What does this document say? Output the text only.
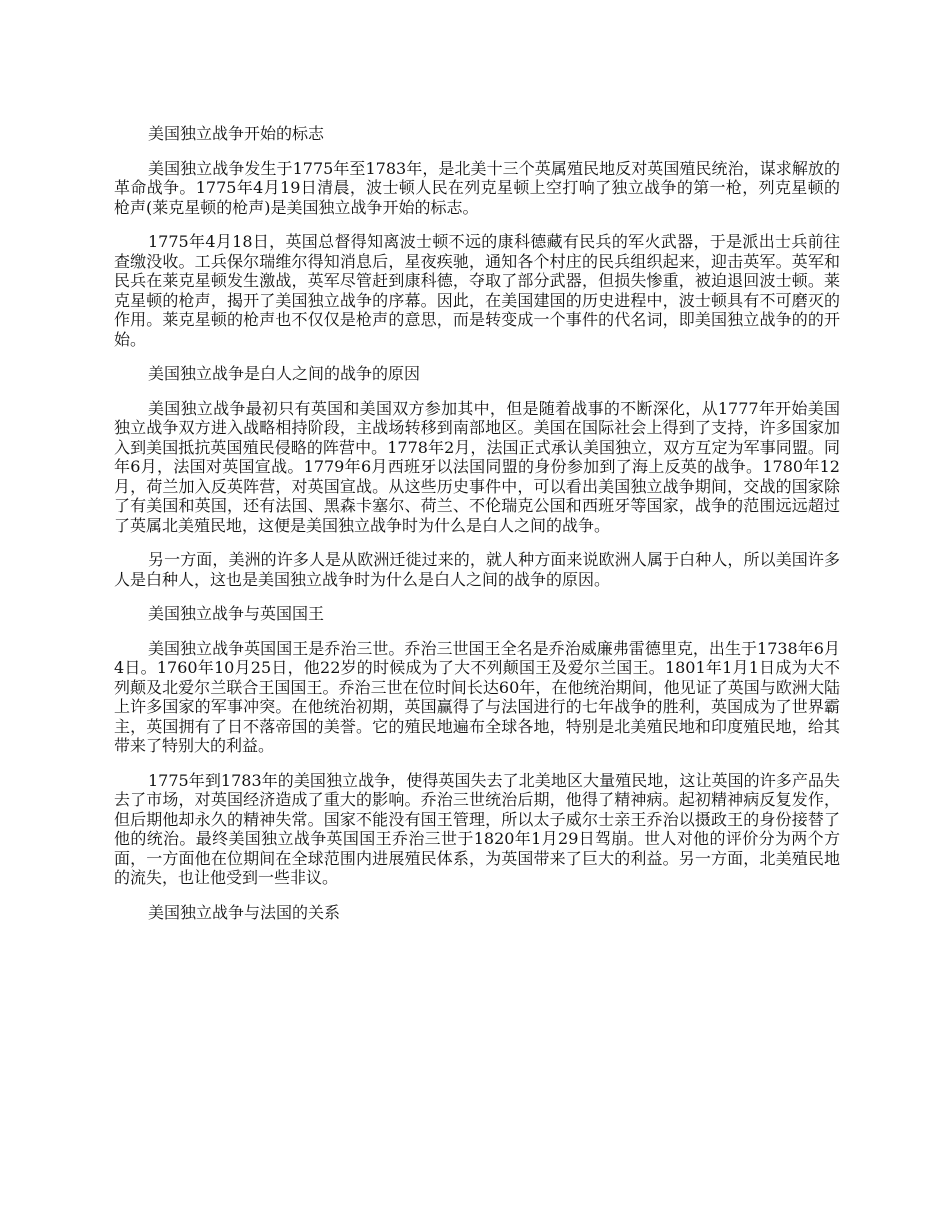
美国独立战争开始的标志

美国独立战争发生于1775年至1783年，是北美十三个英属殖民地反对英国殖民统治，谋求解放的革命战争。1775年4月19日清晨，波士顿人民在列克星顿上空打响了独立战争的第一枪，列克星顿的枪声(莱克星顿的枪声)是美国独立战争开始的标志。

1775年4月18日，英国总督得知离波士顿不远的康科德藏有民兵的军火武器，于是派出士兵前往查缴没收。工兵保尔瑞维尔得知消息后，星夜疾驰，通知各个村庄的民兵组织起来，迎击英军。英军和民兵在莱克星顿发生激战，英军尽管赶到康科德，夺取了部分武器，但损失惨重，被迫退回波士顿。莱克星顿的枪声，揭开了美国独立战争的序幕。因此，在美国建国的历史进程中，波士顿具有不可磨灭的作用。莱克星顿的枪声也不仅仅是枪声的意思，而是转变成一个事件的代名词，即美国独立战争的的开始。

美国独立战争是白人之间的战争的原因

美国独立战争最初只有英国和美国双方参加其中，但是随着战事的不断深化，从1777年开始美国独立战争双方进入战略相持阶段，主战场转移到南部地区。美国在国际社会上得到了支持，许多国家加入到美国抵抗英国殖民侵略的阵营中。1778年2月，法国正式承认美国独立，双方互定为军事同盟。同年6月，法国对英国宣战。1779年6月西班牙以法国同盟的身份参加到了海上反英的战争。1780年12月，荷兰加入反英阵营，对英国宣战。从这些历史事件中，可以看出美国独立战争期间，交战的国家除了有美国和英国，还有法国、黑森卡塞尔、荷兰、不伦瑞克公国和西班牙等国家，战争的范围远远超过了英属北美殖民地，这便是美国独立战争时为什么是白人之间的战争。

另一方面，美洲的许多人是从欧洲迁徙过来的，就人种方面来说欧洲人属于白种人，所以美国许多人是白种人，这也是美国独立战争时为什么是白人之间的战争的原因。

美国独立战争与英国国王

美国独立战争英国国王是乔治三世。乔治三世国王全名是乔治威廉弗雷德里克，出生于1738年6月4日。1760年10月25日，他22岁的时候成为了大不列颠国王及爱尔兰国王。1801年1月1日成为大不列颠及北爱尔兰联合王国国王。乔治三世在位时间长达60年，在他统治期间，他见证了英国与欧洲大陆上许多国家的军事冲突。在他统治初期，英国赢得了与法国进行的七年战争的胜利，英国成为了世界霸主，英国拥有了日不落帝国的美誉。它的殖民地遍布全球各地，特别是北美殖民地和印度殖民地，给其带来了特别大的利益。

1775年到1783年的美国独立战争，使得英国失去了北美地区大量殖民地，这让英国的许多产品失去了市场，对英国经济造成了重大的影响。乔治三世统治后期，他得了精神病。起初精神病反复发作，但后期他却永久的精神失常。国家不能没有国王管理，所以太子威尔士亲王乔治以摄政王的身份接替了他的统治。最终美国独立战争英国国王乔治三世于1820年1月29日驾崩。世人对他的评价分为两个方面，一方面他在位期间在全球范围内进展殖民体系，为英国带来了巨大的利益。另一方面，北美殖民地的流失，也让他受到一些非议。

美国独立战争与法国的关系
